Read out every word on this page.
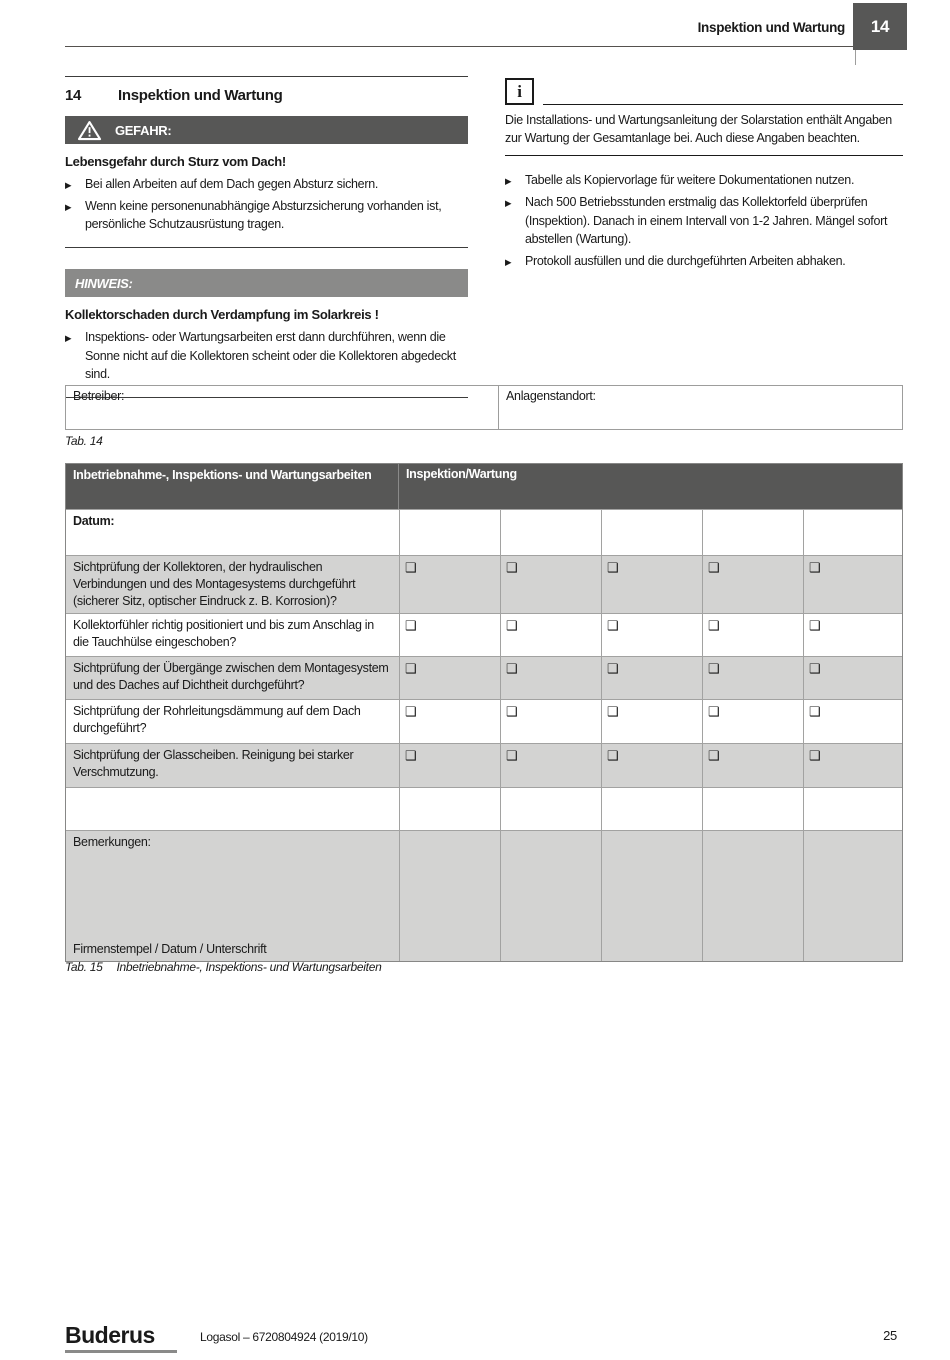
Inspektion und Wartung 14
14	Inspektion und Wartung
GEFAHR:
Lebensgefahr durch Sturz vom Dach!
▶	Bei allen Arbeiten auf dem Dach gegen Absturz sichern.
▶	Wenn keine personenunabhängige Absturzsicherung vorhanden ist, persönliche Schutzausrüstung tragen.
HINWEIS:
Kollektorschaden durch Verdampfung im Solarkreis !
▶	Inspektions- oder Wartungsarbeiten erst dann durchführen, wenn die Sonne nicht auf die Kollektoren scheint oder die Kollektoren abgedeckt sind.
i
Die Installations- und Wartungsanleitung der Solarstation enthält Angaben zur Wartung der Gesamtanlage bei. Auch diese Angaben beachten.
▶	Tabelle als Kopiervorlage für weitere Dokumentationen nutzen.
▶	Nach 500 Betriebsstunden erstmalig das Kollektorfeld überprüfen (Inspektion). Danach in einem Intervall von 1-2 Jahren. Mängel sofort abstellen (Wartung).
▶	Protokoll ausfüllen und die durchgeführten Arbeiten abhaken.
Betreiber:	Anlagenstandort:
Tab. 14
Inbetriebnahme-, Inspektions- und Wartungsarbeiten	Inspektion/Wartung
Datum:
Sichtprüfung der Kollektoren, der hydraulischen Verbindungen und des Montagesystems durchgeführt (sicherer Sitz, optischer Eindruck z. B. Korrosion)?
❑	❑	❑	❑	❑
Kollektorfühler richtig positioniert und bis zum Anschlag in die Tauchhülse eingeschoben?
❑	❑	❑	❑	❑
Sichtprüfung der Übergänge zwischen dem Montagesystem und des Daches auf Dichtheit durchgeführt?
❑	❑	❑	❑	❑
Sichtprüfung der Rohrleitungsdämmung auf dem Dach durchgeführt?
❑	❑	❑	❑	❑
Sichtprüfung der Glasscheiben. Reinigung bei starker Verschmutzung.
❑	❑	❑	❑	❑
Bemerkungen:
Firmenstempel / Datum / Unterschrift
Tab. 15 Inbetriebnahme-, Inspektions- und Wartungsarbeiten
Buderus	Logasol – 6720804924 (2019/10)	25
